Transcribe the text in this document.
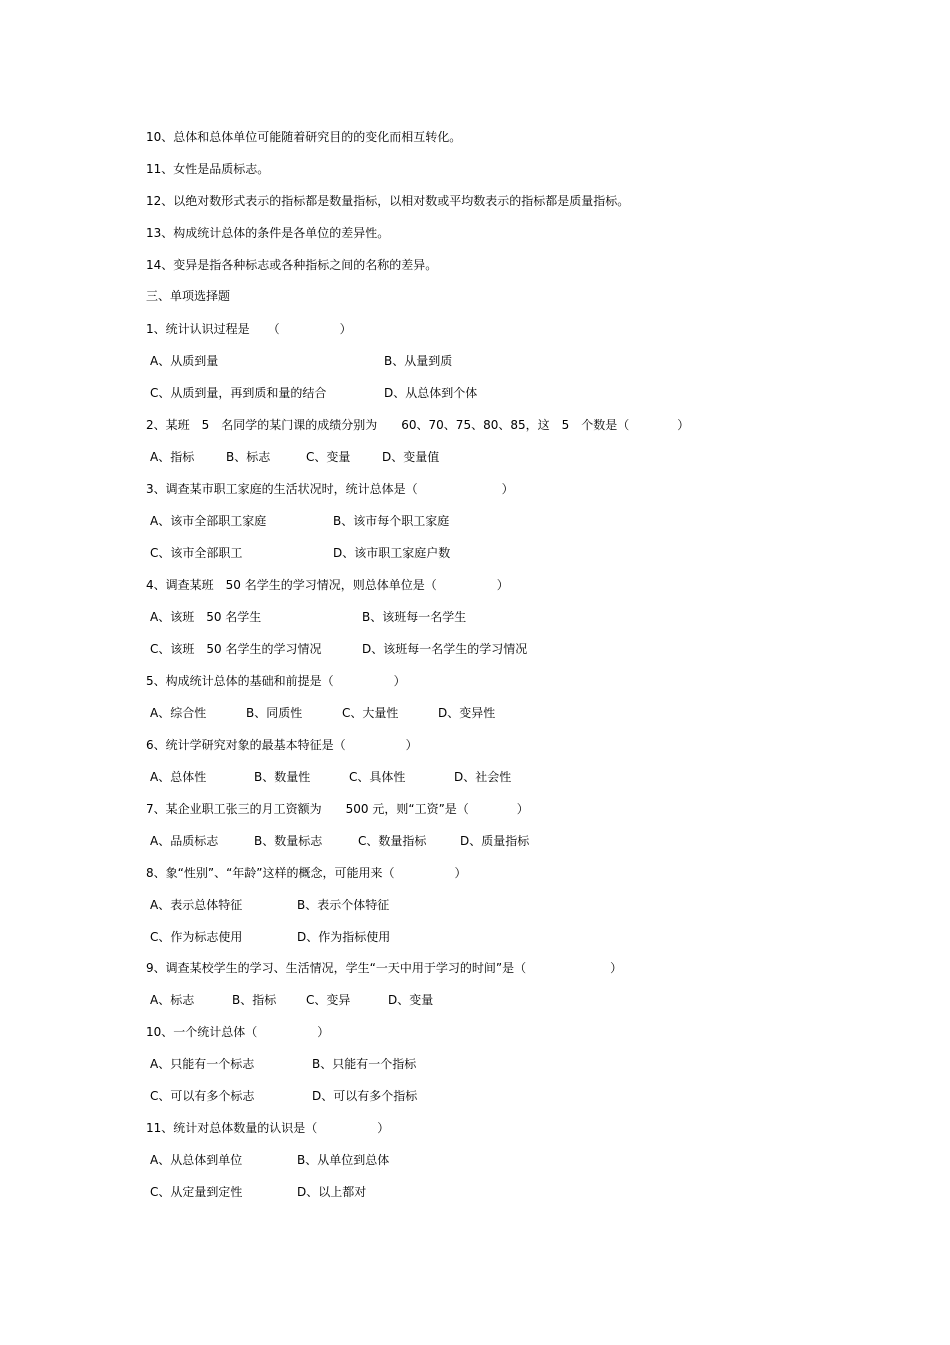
10、总体和总体单位可能随着研究目的的变化而相互转化。
11、女性是品质标志。
12、以绝对数形式表示的指标都是数量指标，以相对数或平均数表示的指标都是质量指标。
13、构成统计总体的条件是各单位的差异性。
14、变异是指各种标志或各种指标之间的名称的差异。
三、单项选择题
1、统计认识过程是　　（　　　　　）
A、从质到量	B、从量到质
C、从质到量，再到质和量的结合	D、从总体到个体
2、某班　5　名同学的某门课的成绩分别为　　60、70、75、80、85，这　5　个数是（　　　　）
A、指标	B、标志	C、变量	D、变量值
3、调查某市职工家庭的生活状况时，统计总体是（　　　　　　　）
A、该市全部职工家庭	B、该市每个职工家庭
C、该市全部职工	D、该市职工家庭户数
4、调查某班　50 名学生的学习情况，则总体单位是（　　　　　）
A、该班　50 名学生	B、该班每一名学生
C、该班　50 名学生的学习情况	D、该班每一名学生的学习情况
5、构成统计总体的基础和前提是（　　　　　）
A、综合性	B、同质性	C、大量性	D、变异性
6、统计学研究对象的最基本特征是（　　　　　）
A、总体性	B、数量性	C、具体性	D、社会性
7、某企业职工张三的月工资额为　　500 元，则“工资”是（　　　　）
A、品质标志	B、数量标志	C、数量指标	D、质量指标
8、象“性别”、“年龄”这样的概念，可能用来（　　　　　）
A、表示总体特征	B、表示个体特征
C、作为标志使用	D、作为指标使用
9、调查某校学生的学习、生活情况，学生“一天中用于学习的时间”是（　　　　　　　）
A、标志	B、指标 C、变异	D、变量
10、一个统计总体（　　　　　）
A、只能有一个标志	B、只能有一个指标
C、可以有多个标志	D、可以有多个指标
11、统计对总体数量的认识是（　　　　　）
A、从总体到单位	B、从单位到总体
C、从定量到定性	D、以上都对
